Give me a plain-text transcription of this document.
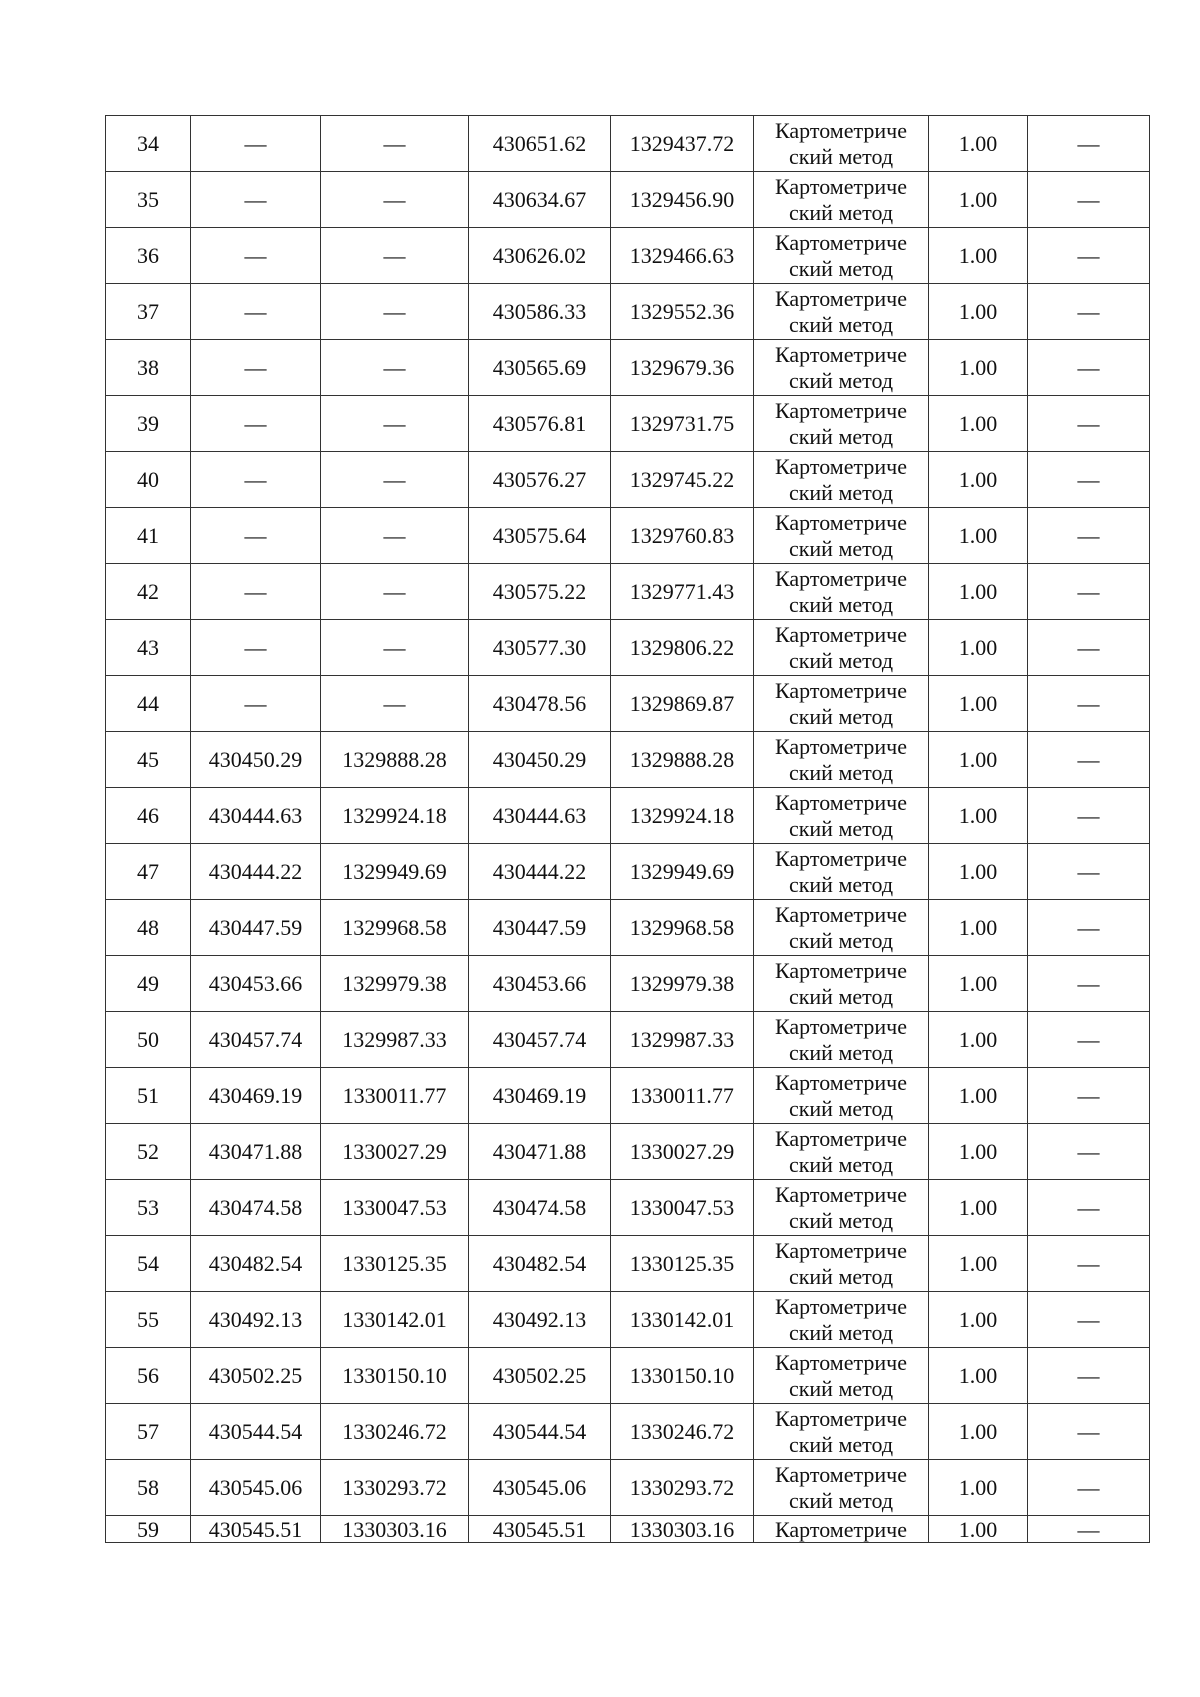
34	—	—	430651.62	1329437.72	Картометриче
ский метод	1.00	—
35	—	—	430634.67	1329456.90	Картометриче
ский метод	1.00	—
36	—	—	430626.02	1329466.63	Картометриче
ский метод	1.00	—
37	—	—	430586.33	1329552.36	Картометриче
ский метод	1.00	—
38	—	—	430565.69	1329679.36	Картометриче
ский метод	1.00	—
39	—	—	430576.81	1329731.75	Картометриче
ский метод	1.00	—
40	—	—	430576.27	1329745.22	Картометриче
ский метод	1.00	—
41	—	—	430575.64	1329760.83	Картометриче
ский метод	1.00	—
42	—	—	430575.22	1329771.43	Картометриче
ский метод	1.00	—
43	—	—	430577.30	1329806.22	Картометриче
ский метод	1.00	—
44	—	—	430478.56	1329869.87	Картометриче
ский метод	1.00	—
45	430450.29	1329888.28	430450.29	1329888.28	Картометриче
ский метод	1.00	—
46	430444.63	1329924.18	430444.63	1329924.18	Картометриче
ский метод	1.00	—
47	430444.22	1329949.69	430444.22	1329949.69	Картометриче
ский метод	1.00	—
48	430447.59	1329968.58	430447.59	1329968.58	Картометриче
ский метод	1.00	—
49	430453.66	1329979.38	430453.66	1329979.38	Картометриче
ский метод	1.00	—
50	430457.74	1329987.33	430457.74	1329987.33	Картометриче
ский метод	1.00	—
51	430469.19	1330011.77	430469.19	1330011.77	Картометриче
ский метод	1.00	—
52	430471.88	1330027.29	430471.88	1330027.29	Картометриче
ский метод	1.00	—
53	430474.58	1330047.53	430474.58	1330047.53	Картометриче
ский метод	1.00	—
54	430482.54	1330125.35	430482.54	1330125.35	Картометриче
ский метод	1.00	—
55	430492.13	1330142.01	430492.13	1330142.01	Картометриче
ский метод	1.00	—
56	430502.25	1330150.10	430502.25	1330150.10	Картометриче
ский метод	1.00	—
57	430544.54	1330246.72	430544.54	1330246.72	Картометриче
ский метод	1.00	—
58	430545.06	1330293.72	430545.06	1330293.72	Картометриче
ский метод	1.00	—
59	430545.51	1330303.16	430545.51	1330303.16	Картометриче	1.00	—
